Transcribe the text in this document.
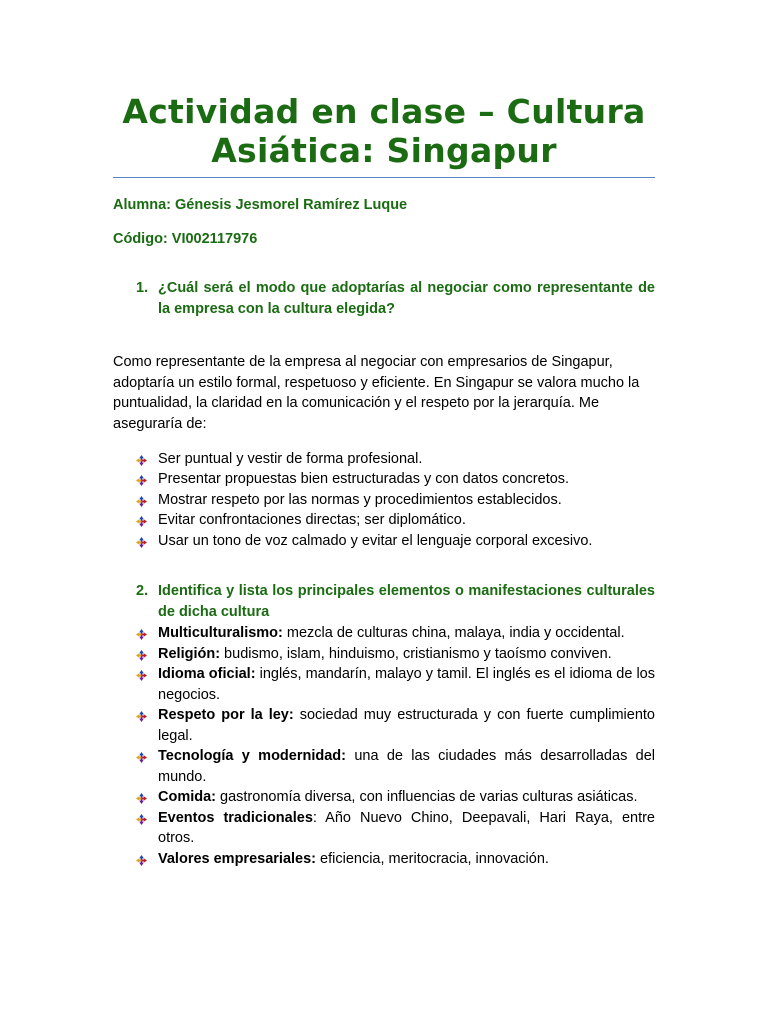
Actividad en clase – Cultura Asiática: Singapur
Alumna: Génesis Jesmorel Ramírez Luque
Código: VI002117976
1. ¿Cuál será el modo que adoptarías al negociar como representante de la empresa con la cultura elegida?

Como representante de la empresa al negociar con empresarios de Singapur, adoptaría un estilo formal, respetuoso y eficiente. En Singapur se valora mucho la puntualidad, la claridad en la comunicación y el respeto por la jerarquía. Me aseguraría de:

Ser puntual y vestir de forma profesional.
Presentar propuestas bien estructuradas y con datos concretos.
Mostrar respeto por las normas y procedimientos establecidos.
Evitar confrontaciones directas; ser diplomático.
Usar un tono de voz calmado y evitar el lenguaje corporal excesivo.
2. Identifica y lista los principales elementos o manifestaciones culturales de dicha cultura
Multiculturalismo: mezcla de culturas china, malaya, india y occidental.
Religión: budismo, islam, hinduismo, cristianismo y taoísmo conviven.
Idioma oficial: inglés, mandarín, malayo y tamil. El inglés es el idioma de los negocios.
Respeto por la ley: sociedad muy estructurada y con fuerte cumplimiento legal.
Tecnología y modernidad: una de las ciudades más desarrolladas del mundo.
Comida: gastronomía diversa, con influencias de varias culturas asiáticas.
Eventos tradicionales: Año Nuevo Chino, Deepavali, Hari Raya, entre otros.
Valores empresariales: eficiencia, meritocracia, innovación.
